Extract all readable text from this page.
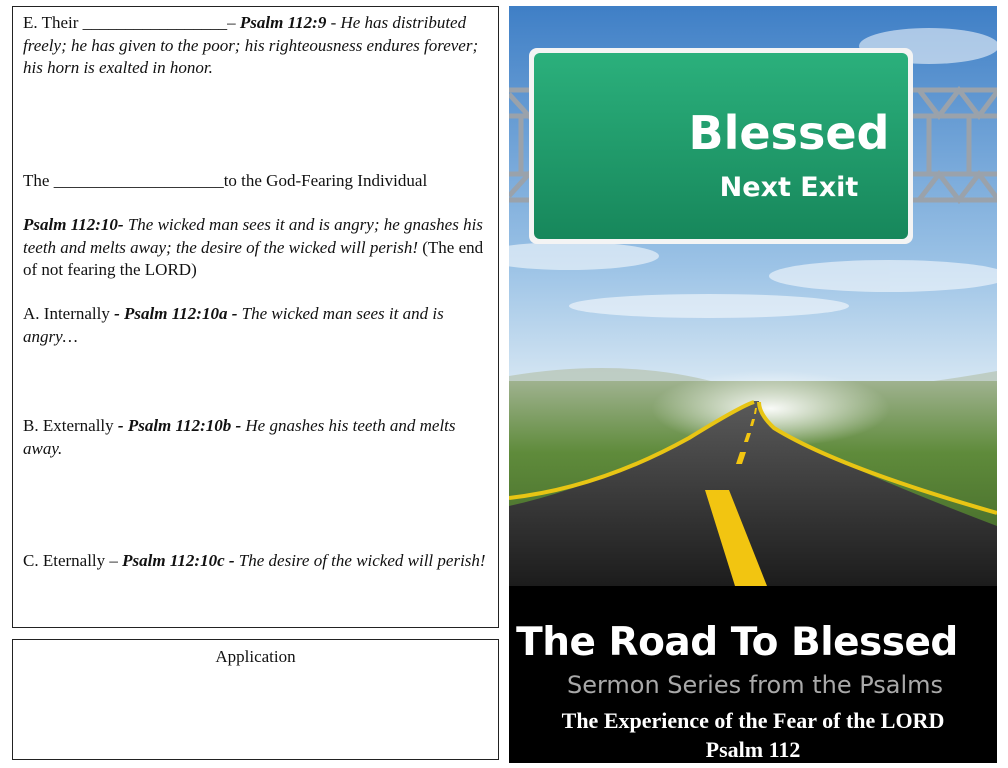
E. Their _________________– Psalm 112:9 - He has distributed freely; he has given to the poor; his righteousness endures forever; his horn is exalted in honor.

The ____________________to the God-Fearing Individual

Psalm 112:10- The wicked man sees it and is angry; he gnashes his teeth and melts away; the desire of the wicked will perish! (The end of not fearing the LORD)

A. Internally - Psalm 112:10a - The wicked man sees it and is angry…

B. Externally - Psalm 112:10b - He gnashes his teeth and melts away.

C. Eternally – Psalm 112:10c - The desire of the wicked will perish!

Application
Blessed
Next Exit
The Road To Blessed
Sermon Series from the Psalms
The Experience of the Fear of the LORD
Psalm 112
